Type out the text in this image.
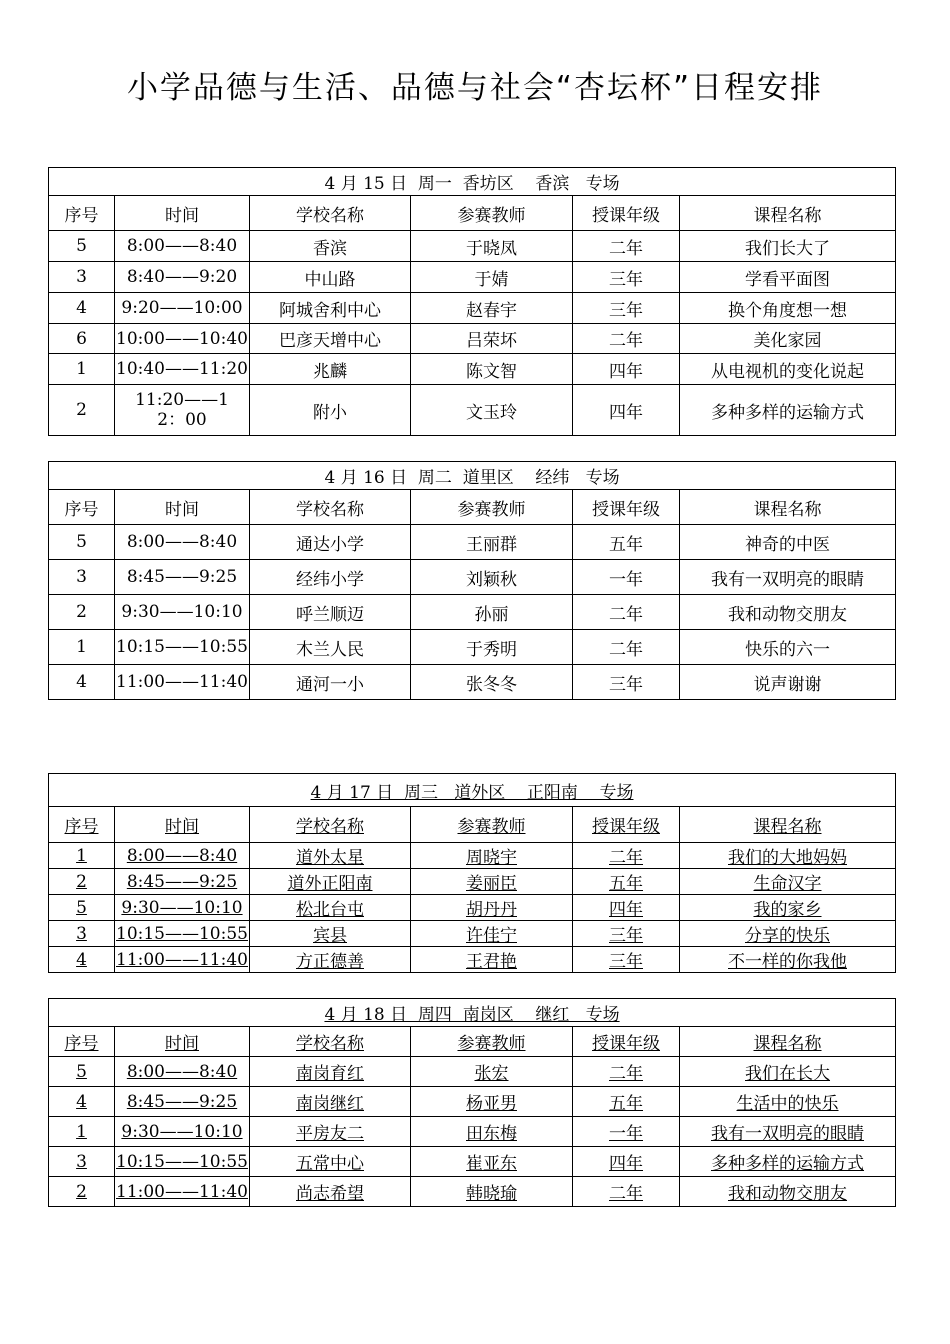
小学品德与生活、品德与社会“杏坛杯”日程安排
4 月 15 日  周一  香坊区    香滨   专场					
序号	时间	学校名称	参赛教师	授课年级	课程名称
5	8:00——8:40	香滨	于晓凤	二年	我们长大了
3	8:40——9:20	中山路	于婧	三年	学看平面图
4	9:20——10:00	阿城舍利中心	赵春宇	三年	换个角度想一想
6	10:00——10:40	巴彦天增中心	吕荣坏	二年	美化家园
1	10:40——11:20	兆麟	陈文智	四年	从电视机的变化说起
2	11:20——12：00	附小	文玉玲	四年	多种多样的运输方式
4 月 16 日  周二  道里区    经纬   专场					
序号	时间	学校名称	参赛教师	授课年级	课程名称
5	8:00——8:40	通达小学	王丽群	五年	神奇的中医
3	8:45——9:25	经纬小学	刘颖秋	一年	我有一双明亮的眼睛
2	9:30——10:10	呼兰顺迈	孙丽	二年	我和动物交朋友
1	10:15——10:55	木兰人民	于秀明	二年	快乐的六一
4	11:00——11:40	通河一小	张冬冬	三年	说声谢谢
4 月 17 日  周三   道外区    正阳南    专场					
序号	时间	学校名称	参赛教师	授课年级	课程名称
1	8:00——8:40	道外太星	周晓宇	二年	我们的大地妈妈
2	8:45——9:25	道外正阳南	姜丽臣	五年	生命汉字
5	9:30——10:10	松北台屯	胡丹丹	四年	我的家乡
3	10:15——10:55	宾县	许佳宁	三年	分享的快乐
4	11:00——11:40	方正德善	王君艳	三年	不一样的你我他
4 月 18 日  周四  南岗区    继红   专场					
序号	时间	学校名称	参赛教师	授课年级	课程名称
5	8:00——8:40	南岗育红	张宏	二年	我们在长大
4	8:45——9:25	南岗继红	杨亚男	五年	生活中的快乐
1	9:30——10:10	平房友二	田东梅	一年	我有一双明亮的眼睛
3	10:15——10:55	五常中心	崔亚东	四年	多种多样的运输方式
2	11:00——11:40	尚志希望	韩晓瑜	二年	我和动物交朋友
